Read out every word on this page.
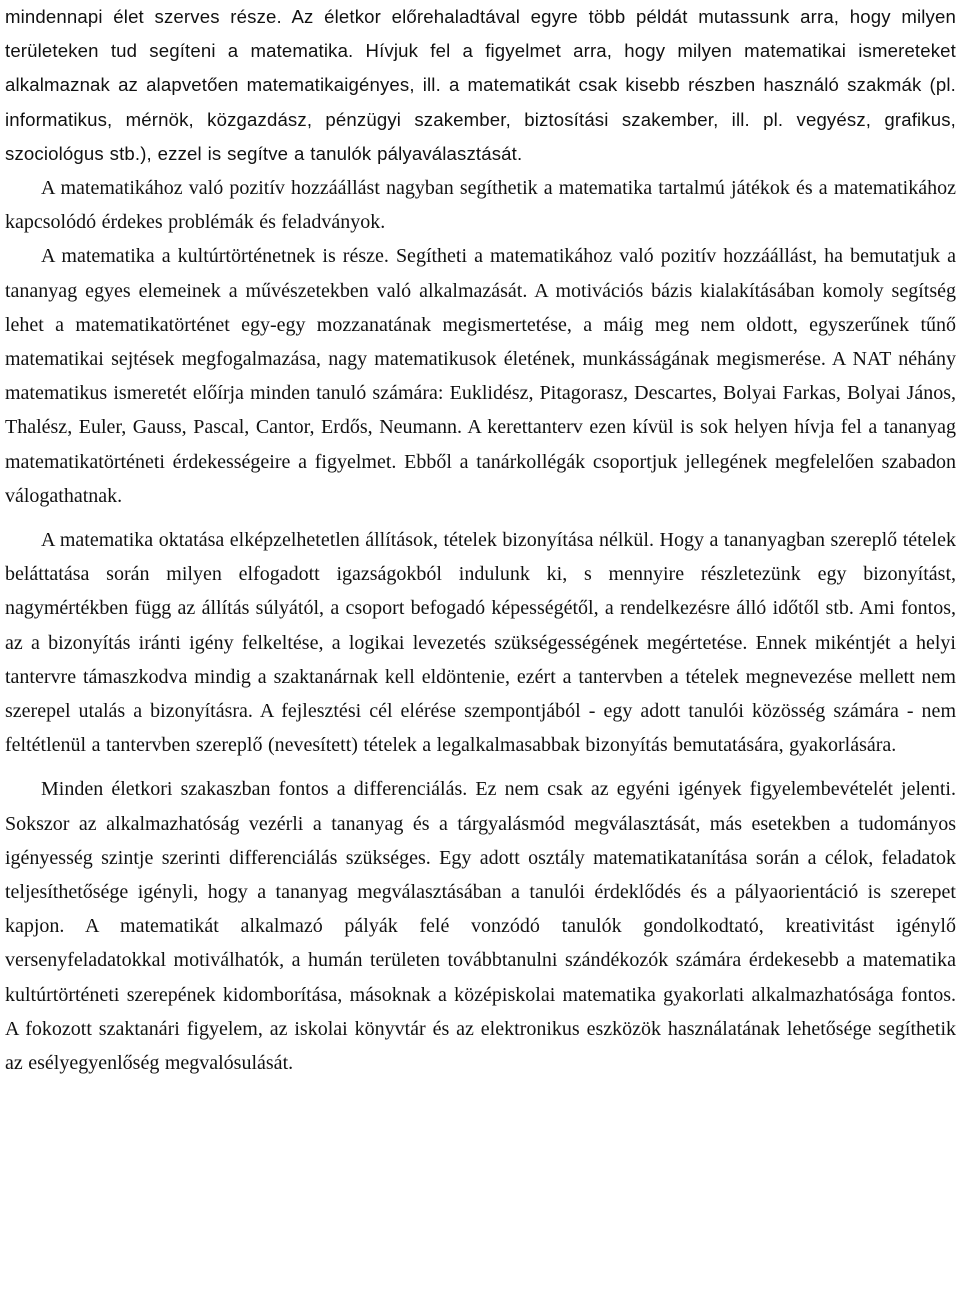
mindennapi élet szerves része. Az életkor előrehaladtával egyre több példát mutassunk arra, hogy milyen területeken tud segíteni a matematika. Hívjuk fel a figyelmet arra, hogy milyen matematikai ismereteket alkalmaznak az alapvetően matematikaigényes, ill. a matematikát csak kisebb részben használó szakmák (pl. informatikus, mérnök, közgazdász, pénzügyi szakember, biztosítási szakember, ill. pl. vegyész, grafikus, szociológus stb.), ezzel is segítve a tanulók pályaválasztását.

A matematikához való pozitív hozzáállást nagyban segíthetik a matematika tartalmú játékok és a matematikához kapcsolódó érdekes problémák és feladványok.

A matematika a kultúrtörténetnek is része. Segítheti a matematikához való pozitív hozzáállást, ha bemutatjuk a tananyag egyes elemeinek a művészetekben való alkalmazását. A motivációs bázis kialakításában komoly segítség lehet a matematikatörténet egy-egy mozzanatának megismertetése, a máig meg nem oldott, egyszerűnek tűnő matematikai sejtések megfogalmazása, nagy matematikusok életének, munkásságának megismerése. A NAT néhány matematikus ismeretét előírja minden tanuló számára: Euklidész, Pitagorasz, Descartes, Bolyai Farkas, Bolyai János, Thalész, Euler, Gauss, Pascal, Cantor, Erdős, Neumann. A kerettanterv ezen kívül is sok helyen hívja fel a tananyag matematikatörténeti érdekességeire a figyelmet. Ebből a tanárkollégák csoportjuk jellegének megfelelően szabadon válogathatnak.

A matematika oktatása elképzelhetetlen állítások, tételek bizonyítása nélkül. Hogy a tananyagban szereplő tételek beláttatása során milyen elfogadott igazságokból indulunk ki, s mennyire részletezünk egy bizonyítást, nagymértékben függ az állítás súlyától, a csoport befogadó képességétől, a rendelkezésre álló időtől stb. Ami fontos, az a bizonyítás iránti igény felkeltése, a logikai levezetés szükségességének megértetése. Ennek mikéntjét a helyi tantervre támaszkodva mindig a szaktanárnak kell eldöntenie, ezért a tantervben a tételek megnevezése mellett nem szerepel utalás a bizonyításra. A fejlesztési cél elérése szempontjából - egy adott tanulói közösség számára - nem feltétlenül a tantervben szereplő (nevesített) tételek a legalkalmasabbak bizonyítás bemutatására, gyakorlására.

Minden életkori szakaszban fontos a differenciálás. Ez nem csak az egyéni igények figyelembevételét jelenti. Sokszor az alkalmazhatóság vezérli a tananyag és a tárgyalásmód megválasztását, más esetekben a tudományos igényesség szintje szerinti differenciálás szükséges. Egy adott osztály matematikatanítása során a célok, feladatok teljesíthetősége igényli, hogy a tananyag megválasztásában a tanulói érdeklődés és a pályaorientáció is szerepet kapjon. A matematikát alkalmazó pályák felé vonzódó tanulók gondolkodtató, kreativitást igénylő versenyfeladatokkal motiválhatók, a humán területen továbbtanulni szándékozók számára érdekesebb a matematika kultúrtörténeti szerepének kidomborítása, másoknak a középiskolai matematika gyakorlati alkalmazhatósága fontos. A fokozott szaktanári figyelem, az iskolai könyvtár és az elektronikus eszközök használatának lehetősége segíthetik az esélyegyenlőség megvalósulását.
